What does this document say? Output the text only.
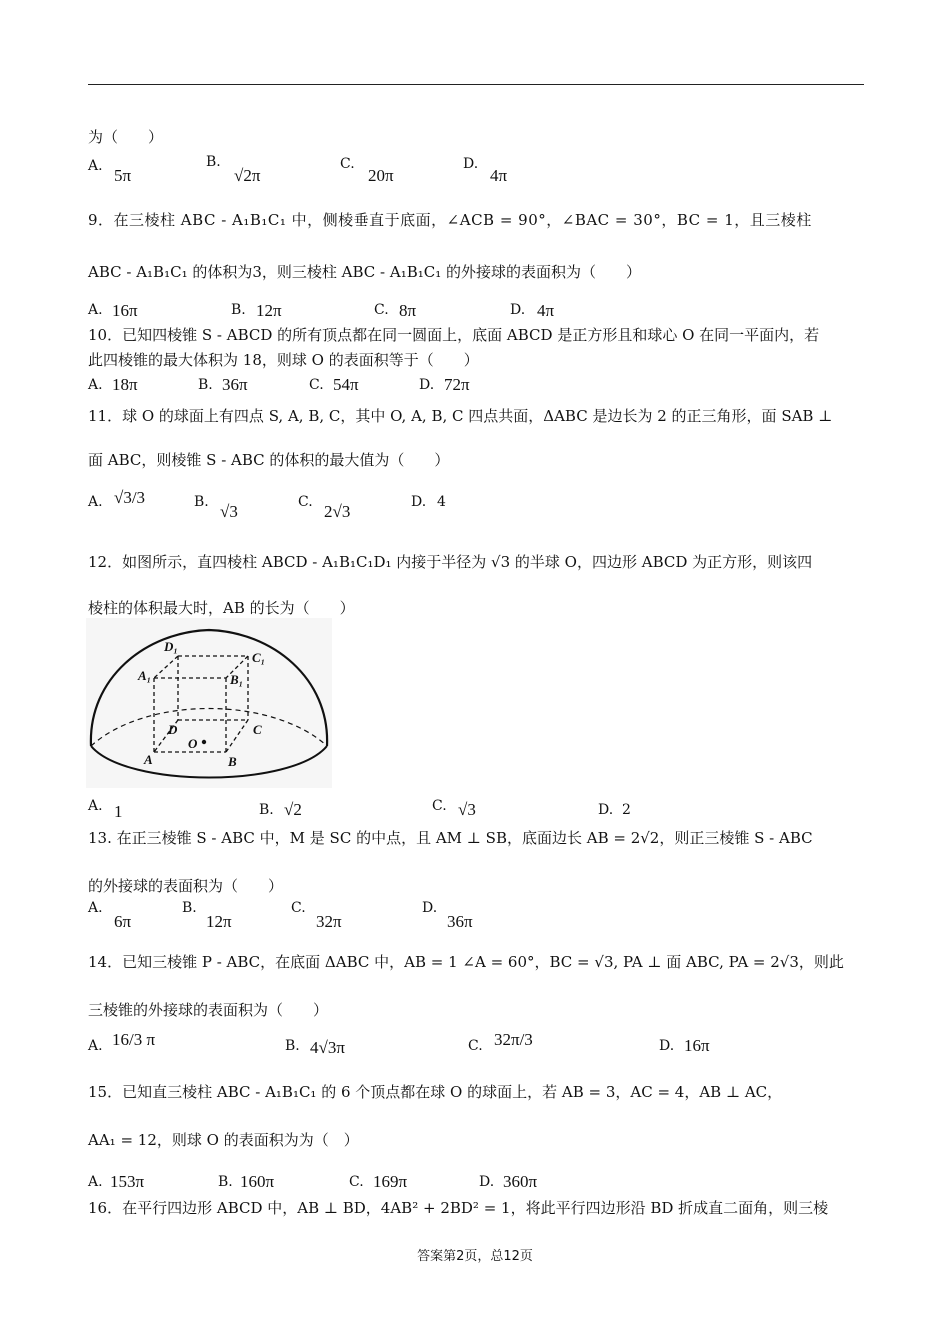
为（　　）
A. 5π
B.
√2π
C.
20π
D.
4π
9．在三棱柱 ABC - A₁B₁C₁ 中，侧棱垂直于底面，∠ACB = 90°，∠BAC = 30°，BC = 1，且三棱柱
ABC - A₁B₁C₁ 的体积为3，则三棱柱 ABC - A₁B₁C₁ 的外接球的表面积为（　　）
A. 16π	B. 12π	C. 8π	D. 4π
10．已知四棱锥 S - ABCD 的所有顶点都在同一圆面上，底面 ABCD 是正方形且和球心 O 在同一平面内，若
此四棱锥的最大体积为 18，则球 O 的表面积等于（　　）
A. 18π	B. 36π	C. 54π	D. 72π
11．球 O 的球面上有四点 S, A, B, C，其中 O, A, B, C 四点共面，ΔABC 是边长为 2 的正三角形，面 SAB ⊥
面 ABC，则棱锥 S - ABC 的体积的最大值为（　　）
A. √3/3	B. √3	C. 2√3	D. 4
12．如图所示，直四棱柱 ABCD - A₁B₁C₁D₁ 内接于半径为 √3 的半球 O，四边形 ABCD 为正方形，则该四
棱柱的体积最大时，AB 的长为（　　）
D₁
C₁
A₁	B₁
D	C
O
A	B
A. 1	B. √2	C. √3	D. 2
13. 在正三棱锥 S - ABC 中，M 是 SC 的中点，且 AM ⊥ SB，底面边长 AB = 2√2，则正三棱锥 S - ABC
的外接球的表面积为（　　）
A.
6π
B.
12π
C.
32π
D.
36π
14．已知三棱锥 P - ABC，在底面 ΔABC 中，AB = 1 ∠A = 60°，BC = √3, PA ⊥ 面 ABC, PA = 2√3，则此
三棱锥的外接球的表面积为（　　）
A. 16/3 π	B. 4√3π	C. 32π/3	D. 16π
15．已知直三棱柱 ABC - A₁B₁C₁ 的 6 个顶点都在球 O 的球面上，若 AB = 3，AC = 4，AB ⊥ AC，
AA₁ = 12，则球 O 的表面积为为（　）
A. 153π	B. 160π	C. 169π	D. 360π
16．在平行四边形 ABCD 中，AB ⊥ BD，4AB² + 2BD² = 1，将此平行四边形沿 BD 折成直二面角，则三棱
答案第2页，总12页
